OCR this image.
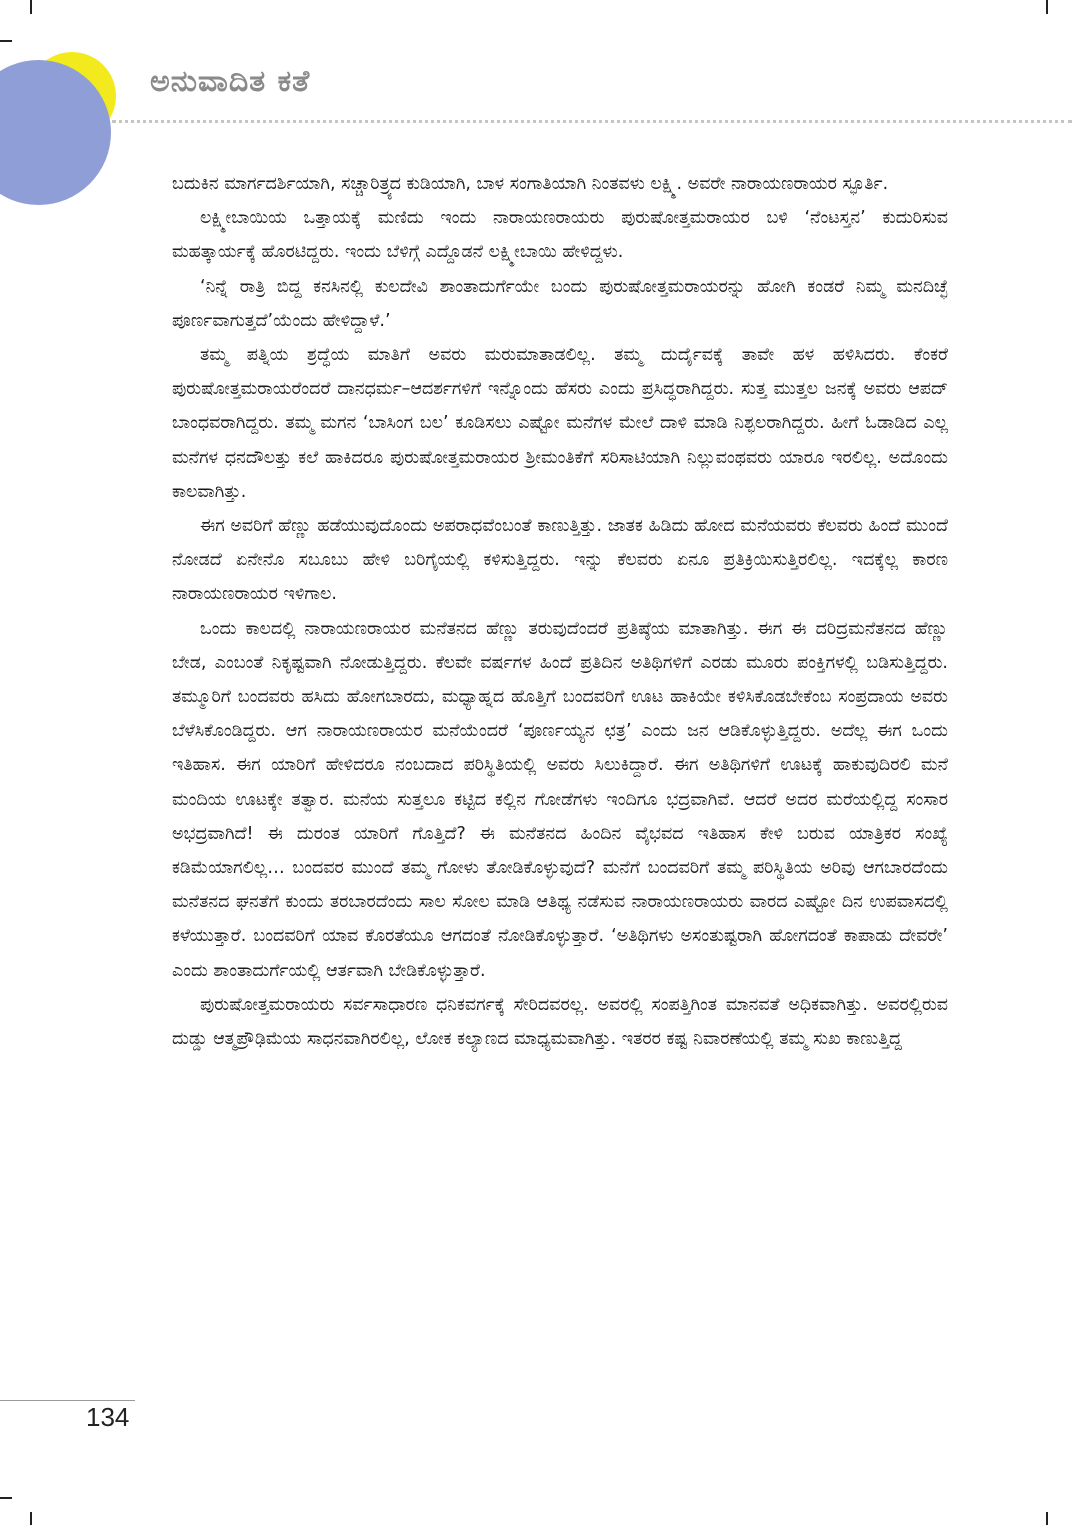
ಅನುವಾದಿತ ಕತೆ

ಬದುಕಿನ ಮಾರ್ಗದರ್ಶಿಯಾಗಿ, ಸಚ್ಚಾರಿತ್ರ್ಯದ ಕುಡಿಯಾಗಿ, ಬಾಳ ಸಂಗಾತಿಯಾಗಿ ನಿಂತವಳು ಲಕ್ಷ್ಮಿ. ಅವರೇ ನಾರಾಯಣರಾಯರ ಸ್ಫೂರ್ತಿ.

ಲಕ್ಷ್ಮೀಬಾಯಿಯ ಒತ್ತಾಯಕ್ಕೆ ಮಣಿದು ಇಂದು ನಾರಾಯಣರಾಯರು ಪುರುಷೋತ್ತಮರಾಯರ ಬಳಿ ‘ನೆಂಟಸ್ತನ’ ಕುದುರಿಸುವ ಮಹತ್ಕಾರ್ಯಕ್ಕೆ ಹೊರಟಿದ್ದರು. ಇಂದು ಬೆಳಿಗ್ಗೆ ಎದ್ದೊಡನೆ ಲಕ್ಷ್ಮೀಬಾಯಿ ಹೇಳಿದ್ದಳು.

‘ನಿನ್ನೆ ರಾತ್ರಿ ಬಿದ್ದ ಕನಸಿನಲ್ಲಿ ಕುಲದೇವಿ ಶಾಂತಾದುರ್ಗೆಯೇ ಬಂದು ಪುರುಷೋತ್ತಮರಾಯರನ್ನು ಹೋಗಿ ಕಂಡರೆ ನಿಮ್ಮ ಮನದಿಚ್ಛೆ ಪೂರ್ಣವಾಗುತ್ತದೆ’ಯೆಂದು ಹೇಳಿದ್ದಾಳೆ.’

ತಮ್ಮ ಪತ್ನಿಯ ಶ್ರದ್ಧೆಯ ಮಾತಿಗೆ ಅವರು ಮರುಮಾತಾಡಲಿಲ್ಲ. ತಮ್ಮ ದುರ್ದೈವಕ್ಕೆ ತಾವೇ ಹಳ ಹಳಿಸಿದರು. ಕೆಂಕರೆ ಪುರುಷೋತ್ತಮರಾಯರೆಂದರೆ ದಾನಧರ್ಮ–ಆದರ್ಶಗಳಿಗೆ ಇನ್ನೊಂದು ಹೆಸರು ಎಂದು ಪ್ರಸಿದ್ಧರಾಗಿದ್ದರು. ಸುತ್ತ ಮುತ್ತಲ ಜನಕ್ಕೆ ಅವರು ಆಪದ್ ಬಾಂಧವರಾಗಿದ್ದರು. ತಮ್ಮ ಮಗನ ‘ಬಾಸಿಂಗ ಬಲ’ ಕೂಡಿಸಲು ಎಷ್ಟೋ ಮನೆಗಳ ಮೇಲೆ ದಾಳಿ ಮಾಡಿ ನಿಶ್ಫಲರಾಗಿದ್ದರು. ಹೀಗೆ ಓಡಾಡಿದ ಎಲ್ಲ ಮನೆಗಳ ಧನದೌಲತ್ತು ಕಲೆ ಹಾಕಿದರೂ ಪುರುಷೋತ್ತಮರಾಯರ ಶ್ರೀಮಂತಿಕೆಗೆ ಸರಿಸಾಟಿಯಾಗಿ ನಿಲ್ಲುವಂಥವರು ಯಾರೂ ಇರಲಿಲ್ಲ. ಅದೊಂದು ಕಾಲವಾಗಿತ್ತು.

ಈಗ ಅವರಿಗೆ ಹೆಣ್ಣು ಹಡೆಯುವುದೊಂದು ಅಪರಾಧವೆಂಬಂತೆ ಕಾಣುತ್ತಿತ್ತು. ಜಾತಕ ಹಿಡಿದು ಹೋದ ಮನೆಯವರು ಕೆಲವರು ಹಿಂದೆ ಮುಂದೆ ನೋಡದೆ ಏನೇನೊ ಸಬೂಬು ಹೇಳಿ ಬರಿಗೈಯಲ್ಲಿ ಕಳಿಸುತ್ತಿದ್ದರು. ಇನ್ನು ಕೆಲವರು ಏನೂ ಪ್ರತಿಕ್ರಿಯಿಸುತ್ತಿರಲಿಲ್ಲ. ಇದಕ್ಕೆಲ್ಲ ಕಾರಣ ನಾರಾಯಣರಾಯರ ಇಳಿಗಾಲ.

ಒಂದು ಕಾಲದಲ್ಲಿ ನಾರಾಯಣರಾಯರ ಮನೆತನದ ಹೆಣ್ಣು ತರುವುದೆಂದರೆ ಪ್ರತಿಷ್ಠೆಯ ಮಾತಾಗಿತ್ತು. ಈಗ ಈ ದರಿದ್ರಮನೆತನದ ಹೆಣ್ಣು ಬೇಡ, ಎಂಬಂತೆ ನಿಕೃಷ್ಟವಾಗಿ ನೋಡುತ್ತಿದ್ದರು. ಕೆಲವೇ ವರ್ಷಗಳ ಹಿಂದೆ ಪ್ರತಿದಿನ ಅತಿಥಿಗಳಿಗೆ ಎರಡು ಮೂರು ಪಂಕ್ತಿಗಳಲ್ಲಿ ಬಡಿಸುತ್ತಿದ್ದರು. ತಮ್ಮೂರಿಗೆ ಬಂದವರು ಹಸಿದು ಹೋಗಬಾರದು, ಮಧ್ಯಾಹ್ನದ ಹೊತ್ತಿಗೆ ಬಂದವರಿಗೆ ಊಟ ಹಾಕಿಯೇ ಕಳಿಸಿಕೊಡಬೇಕೆಂಬ ಸಂಪ್ರದಾಯ ಅವರು ಬೆಳೆಸಿಕೊಂಡಿದ್ದರು. ಆಗ ನಾರಾಯಣರಾಯರ ಮನೆಯೆಂದರೆ ‘ಪೂರ್ಣಯ್ಯನ ಛತ್ರ’ ಎಂದು ಜನ ಆಡಿಕೊಳ್ಳುತ್ತಿದ್ದರು. ಅದೆಲ್ಲ ಈಗ ಒಂದು ಇತಿಹಾಸ. ಈಗ ಯಾರಿಗೆ ಹೇಳಿದರೂ ನಂಬದಾದ ಪರಿಸ್ಥಿತಿಯಲ್ಲಿ ಅವರು ಸಿಲುಕಿದ್ದಾರೆ. ಈಗ ಅತಿಥಿಗಳಿಗೆ ಊಟಕ್ಕೆ ಹಾಕುವುದಿರಲಿ ಮನೆ ಮಂದಿಯ ಊಟಕ್ಕೇ ತತ್ವಾರ. ಮನೆಯ ಸುತ್ತಲೂ ಕಟ್ಟಿದ ಕಲ್ಲಿನ ಗೋಡೆಗಳು ಇಂದಿಗೂ ಭದ್ರವಾಗಿವೆ. ಆದರೆ ಅದರ ಮರೆಯಲ್ಲಿದ್ದ ಸಂಸಾರ ಅಭದ್ರವಾಗಿದೆ! ಈ ದುರಂತ ಯಾರಿಗೆ ಗೊತ್ತಿದೆ? ಈ ಮನೆತನದ ಹಿಂದಿನ ವೈಭವದ ಇತಿಹಾಸ ಕೇಳಿ ಬರುವ ಯಾತ್ರಿಕರ ಸಂಖ್ಯೆ ಕಡಿಮೆಯಾಗಲಿಲ್ಲ… ಬಂದವರ ಮುಂದೆ ತಮ್ಮ ಗೋಳು ತೋಡಿಕೊಳ್ಳುವುದೆ? ಮನೆಗೆ ಬಂದವರಿಗೆ ತಮ್ಮ ಪರಿಸ್ಥಿತಿಯ ಅರಿವು ಆಗಬಾರದೆಂದು ಮನೆತನದ ಘನತೆಗೆ ಕುಂದು ತರಬಾರದೆಂದು ಸಾಲ ಸೋಲ ಮಾಡಿ ಆತಿಥ್ಯ ನಡೆಸುವ ನಾರಾಯಣರಾಯರು ವಾರದ ಎಷ್ಟೋ ದಿನ ಉಪವಾಸದಲ್ಲಿ ಕಳೆಯುತ್ತಾರೆ. ಬಂದವರಿಗೆ ಯಾವ ಕೊರತೆಯೂ ಆಗದಂತೆ ನೋಡಿಕೊಳ್ಳುತ್ತಾರೆ. ‘ಅತಿಥಿಗಳು ಅಸಂತುಷ್ಟರಾಗಿ ಹೋಗದಂತೆ ಕಾಪಾಡು ದೇವರೇ’ ಎಂದು ಶಾಂತಾದುರ್ಗೆಯಲ್ಲಿ ಆರ್ತವಾಗಿ ಬೇಡಿಕೊಳ್ಳುತ್ತಾರೆ.

ಪುರುಷೋತ್ತಮರಾಯರು ಸರ್ವಸಾಧಾರಣ ಧನಿಕವರ್ಗಕ್ಕೆ ಸೇರಿದವರಲ್ಲ. ಅವರಲ್ಲಿ ಸಂಪತ್ತಿಗಿಂತ ಮಾನವತೆ ಅಧಿಕವಾಗಿತ್ತು. ಅವರಲ್ಲಿರುವ ದುಡ್ಡು ಆತ್ಮಪ್ರೌಢಿಮೆಯ ಸಾಧನವಾಗಿರಲಿಲ್ಲ, ಲೋಕ ಕಲ್ಯಾಣದ ಮಾಧ್ಯಮವಾಗಿತ್ತು. ಇತರರ ಕಷ್ಟ ನಿವಾರಣೆಯಲ್ಲಿ ತಮ್ಮ ಸುಖ ಕಾಣುತ್ತಿದ್ದ

134
